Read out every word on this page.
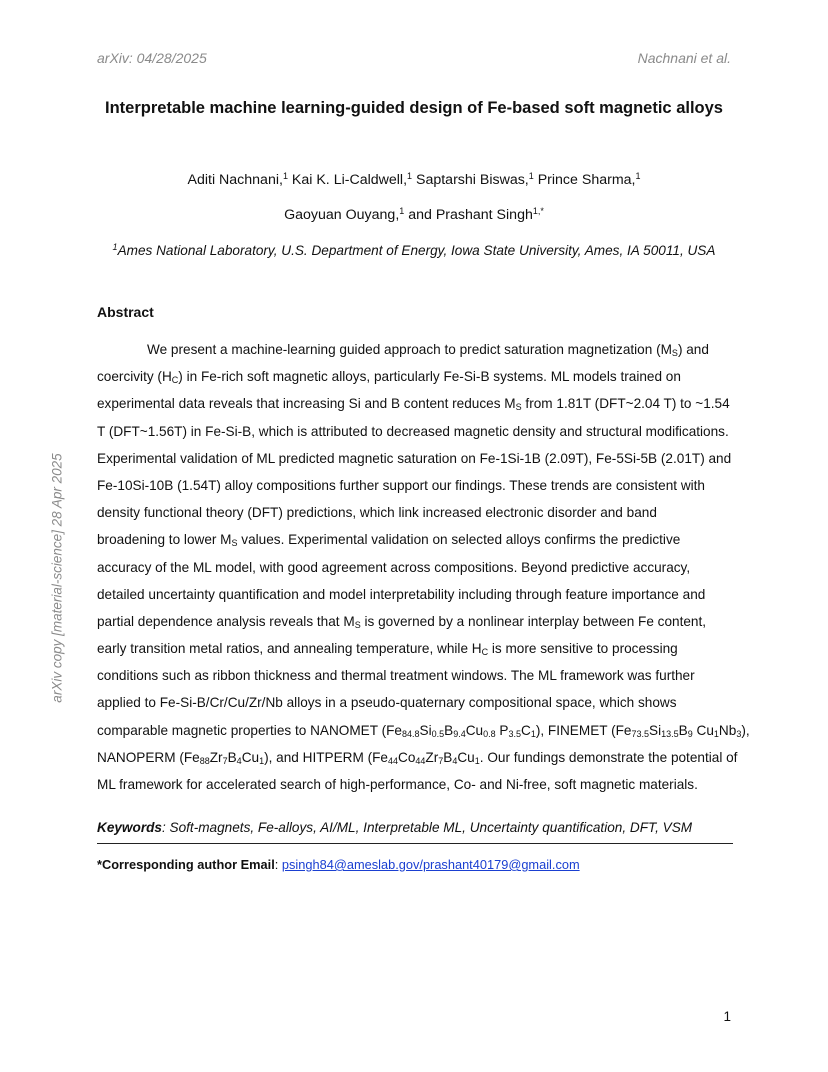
arXiv: 04/28/2025	Nachnani et al.
arXiv copy [material-science] 28 Apr 2025
Interpretable machine learning-guided design of Fe-based soft magnetic alloys
Aditi Nachnani,$^1$ Kai K. Li-Caldwell,$^1$ Saptarshi Biswas,$^1$ Prince Sharma,$^1$
Gaoyuan Ouyang,$^1$ and Prashant Singh$^{1,*}$
$^1$Ames National Laboratory, U.S. Department of Energy, Iowa State University, Ames, IA 50011, USA
Abstract
We present a machine-learning guided approach to predict saturation magnetization $(M_S)$ and
coercivity $(H_C)$ in Fe-rich soft magnetic alloys, particularly Fe-Si-B systems. ML models trained on
experimental data reveals that increasing Si and B content reduces $M_S$ from 1.81T (DFT~2.04 T) to ~1.54
T (DFT~1.56T) in Fe-Si-B, which is attributed to decreased magnetic density and structural modifications.
Experimental validation of ML predicted magnetic saturation on Fe-1Si-1B (2.09T), Fe-5Si-5B (2.01T) and
Fe-10Si-10B (1.54T) alloy compositions further support our findings. These trends are consistent with
density functional theory (DFT) predictions, which link increased electronic disorder and band
broadening to lower $M_S$ values. Experimental validation on selected alloys confirms the predictive
accuracy of the ML model, with good agreement across compositions. Beyond predictive accuracy,
detailed uncertainty quantification and model interpretability including through feature importance and
partial dependence analysis reveals that $M_S$ is governed by a nonlinear interplay between Fe content,
early transition metal ratios, and annealing temperature, while $H_C$ is more sensitive to processing
conditions such as ribbon thickness and thermal treatment windows. The ML framework was further
applied to Fe-Si-B/Cr/Cu/Zr/Nb alloys in a pseudo-quaternary compositional space, which shows
comparable magnetic properties to NANOMET ($Fe_{84.8}Si_{0.5}B_{9.4}Cu_{0.8}$ $P_{3.5}C_1$), FINEMET ($Fe_{73.5}Si_{13.5}B_9$ $Cu_1Nb_3$),
NANOPERM $(Fe_{88}Zr_7B_4Cu_1)$, and HITPERM ($Fe_{44}Co_{44}Zr_7B_4Cu_1$. Our fundings demonstrate the potential of
ML framework for accelerated search of high-performance, Co- and Ni-free, soft magnetic materials.
Keywords: Soft-magnets, Fe-alloys, AI/ML, Interpretable ML, Uncertainty quantification, DFT, VSM
*Corresponding author Email: psingh84@ameslab.gov/prashant40179@gmail.com
1
